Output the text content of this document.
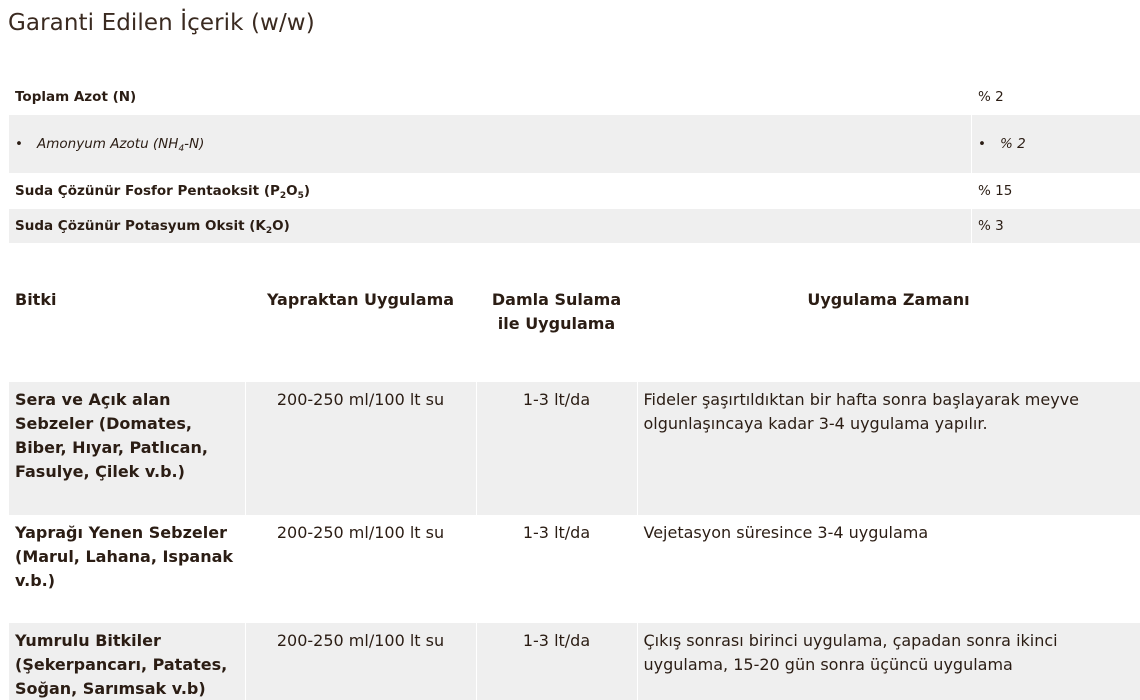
Garanti Edilen İçerik (w/w)
Toplam Azot (N)	% 2
• Amonyum Azotu $(NH_4-N)$	• % 2
Suda Çözünür Fosfor Pentaoksit $(P_2O_5)$	% 15
Suda Çözünür Potasyum Oksit $(K_2O)$	% 3
Bitki	Yapraktan Uygulama	Damla Sulama ile Uygulama	Uygulama Zamanı
Sera ve Açık alan Sebzeler (Domates, Biber, Hıyar, Patlıcan, Fasulye, Çilek v.b.)	200-250 ml/100 lt su	1-3 lt/da	Fideler şaşırtıldıktan bir hafta sonra başlayarak meyve olgunlaşıncaya kadar 3-4 uygulama yapılır.
Yaprağı Yenen Sebzeler (Marul, Lahana, Ispanak v.b.)	200-250 ml/100 lt su	1-3 lt/da	Vejetasyon süresince 3-4 uygulama
Yumrulu Bitkiler (Şekerpancarı, Patates, Soğan, Sarımsak v.b)	200-250 ml/100 lt su	1-3 lt/da	Çıkış sonrası birinci uygulama, çapadan sonra ikinci uygulama, 15-20 gün sonra üçüncü uygulama
